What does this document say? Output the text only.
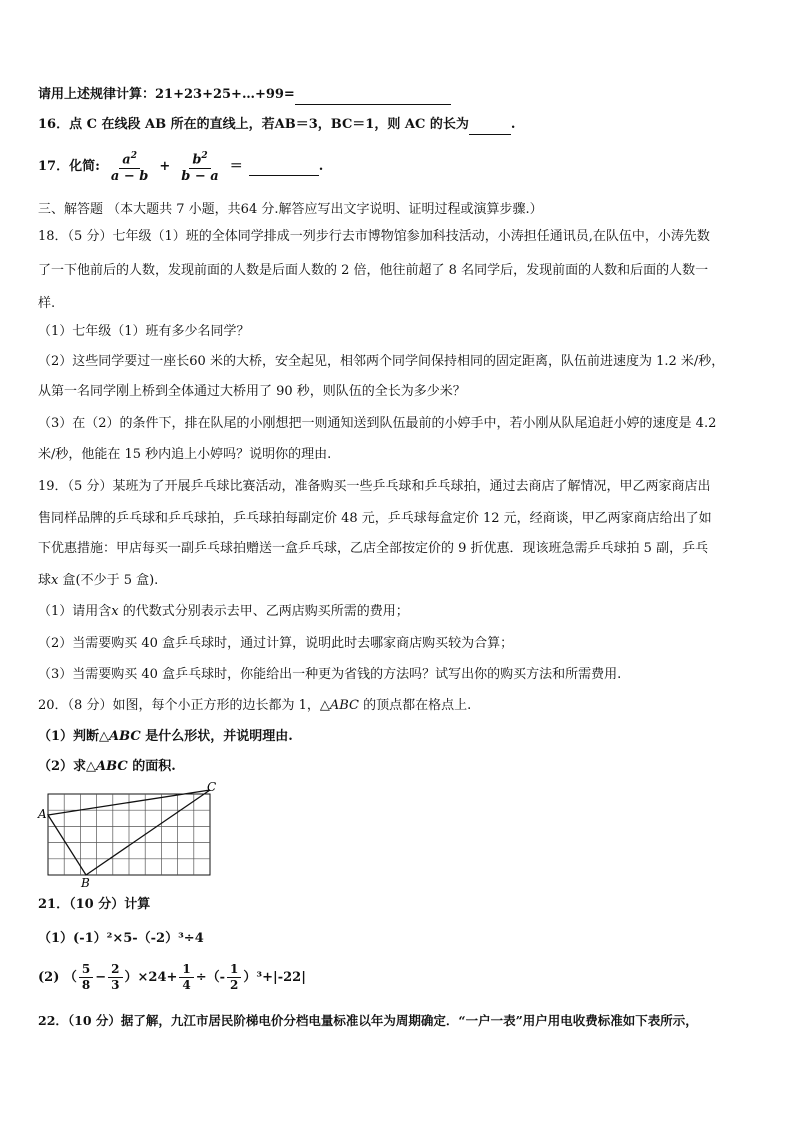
请用上述规律计算：21+23+25+…+99=
16．点 C 在线段 AB 所在的直线上，若AB＝3，BC＝1，则 AC 的长为	.
17．化简: $\frac{a^2}{a - b} + \frac{b^2}{b - a}$ ＝
	.
三、解答题 （本大题共 7 小题，共64 分.解答应写出文字说明、证明过程或演算步骤.）
18．（5 分）七年级（1）班的全体同学排成一列步行去市博物馆参加科技活动，小涛担任通讯员,在队伍中，小涛先数
了一下他前后的人数，发现前面的人数是后面人数的 2 倍，他往前超了 8 名同学后，发现前面的人数和后面的人数一
样.
（1）七年级（1）班有多少名同学？
（2）这些同学要过一座长60 米的大桥，安全起见，相邻两个同学间保持相同的固定距离，队伍前进速度为 1.2 米/秒，
从第一名同学刚上桥到全体通过大桥用了 90 秒，则队伍的全长为多少米？
（3）在（2）的条件下，排在队尾的小刚想把一则通知送到队伍最前的小婷手中，若小刚从队尾追赶小婷的速度是 4.2
米/秒，他能在 15 秒内追上小婷吗？说明你的理由.
19．（5 分）某班为了开展乒乓球比赛活动，准备购买一些乒乓球和乒乓球拍，通过去商店了解情况，甲乙两家商店出
售同样品牌的乒乓球和乒乓球拍，乒乓球拍每副定价 48 元，乒乓球每盒定价 12 元，经商谈，甲乙两家商店给出了如
下优惠措施：甲店每买一副乒乓球拍赠送一盒乒乓球，乙店全部按定价的 9 折优惠．现该班急需乒乓球拍 5 副，乒乓
球x 盒(不少于 5 盒).
（1）请用含x 的代数式分别表示去甲、乙两店购买所需的费用；
（2）当需要购买 40 盒乒乓球时，通过计算，说明此时去哪家商店购买较为合算；
（3）当需要购买 40 盒乒乓球时，你能给出一种更为省钱的方法吗？试写出你的购买方法和所需费用.
20．（8 分）如图，每个小正方形的边长都为 1，△ABC 的顶点都在格点上.
（1）判断△ABC 是什么形状，并说明理由.
（2）求△ABC 的面积.
A
B
C
21．（10 分）计算
（1）(-1）²×5-（-2）³÷4
(2) （ $\frac{5}{8} - \frac{2}{3} )\times 24+ \frac{1}{4}$ ÷（- $\frac{1}{2} )^3+|-22|$
22．（10 分）据了解，九江市居民阶梯电价分档电量标准以年为周期确定．“一户一表”用户用电收费标准如下表所示，
